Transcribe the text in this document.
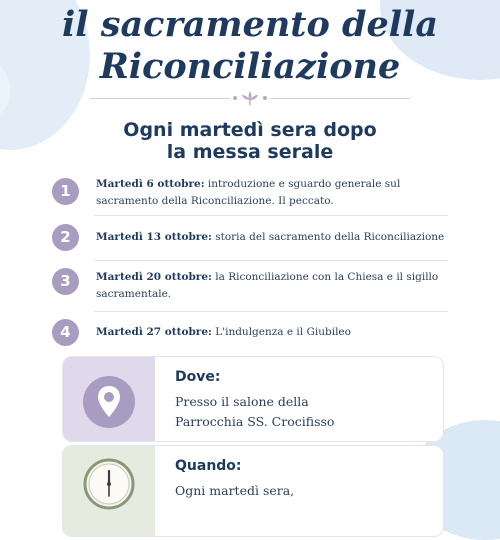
il sacramento della
Riconciliazione
Ogni martedì sera dopo
la messa serale
1	Martedì 6 ottobre: introduzione e sguardo generale sul sacramento della Riconciliazione. Il peccato.
2	Martedì 13 ottobre: storia del sacramento della Riconciliazione
3	Martedì 20 ottobre: la Riconciliazione con la Chiesa e il sigillo sacramentale.
4	Martedì 27 ottobre: L'indulgenza e il Giubileo
Dove:
Presso il salone della
Parrocchia SS. Crocifisso
Quando:
Ogni martedì sera,
